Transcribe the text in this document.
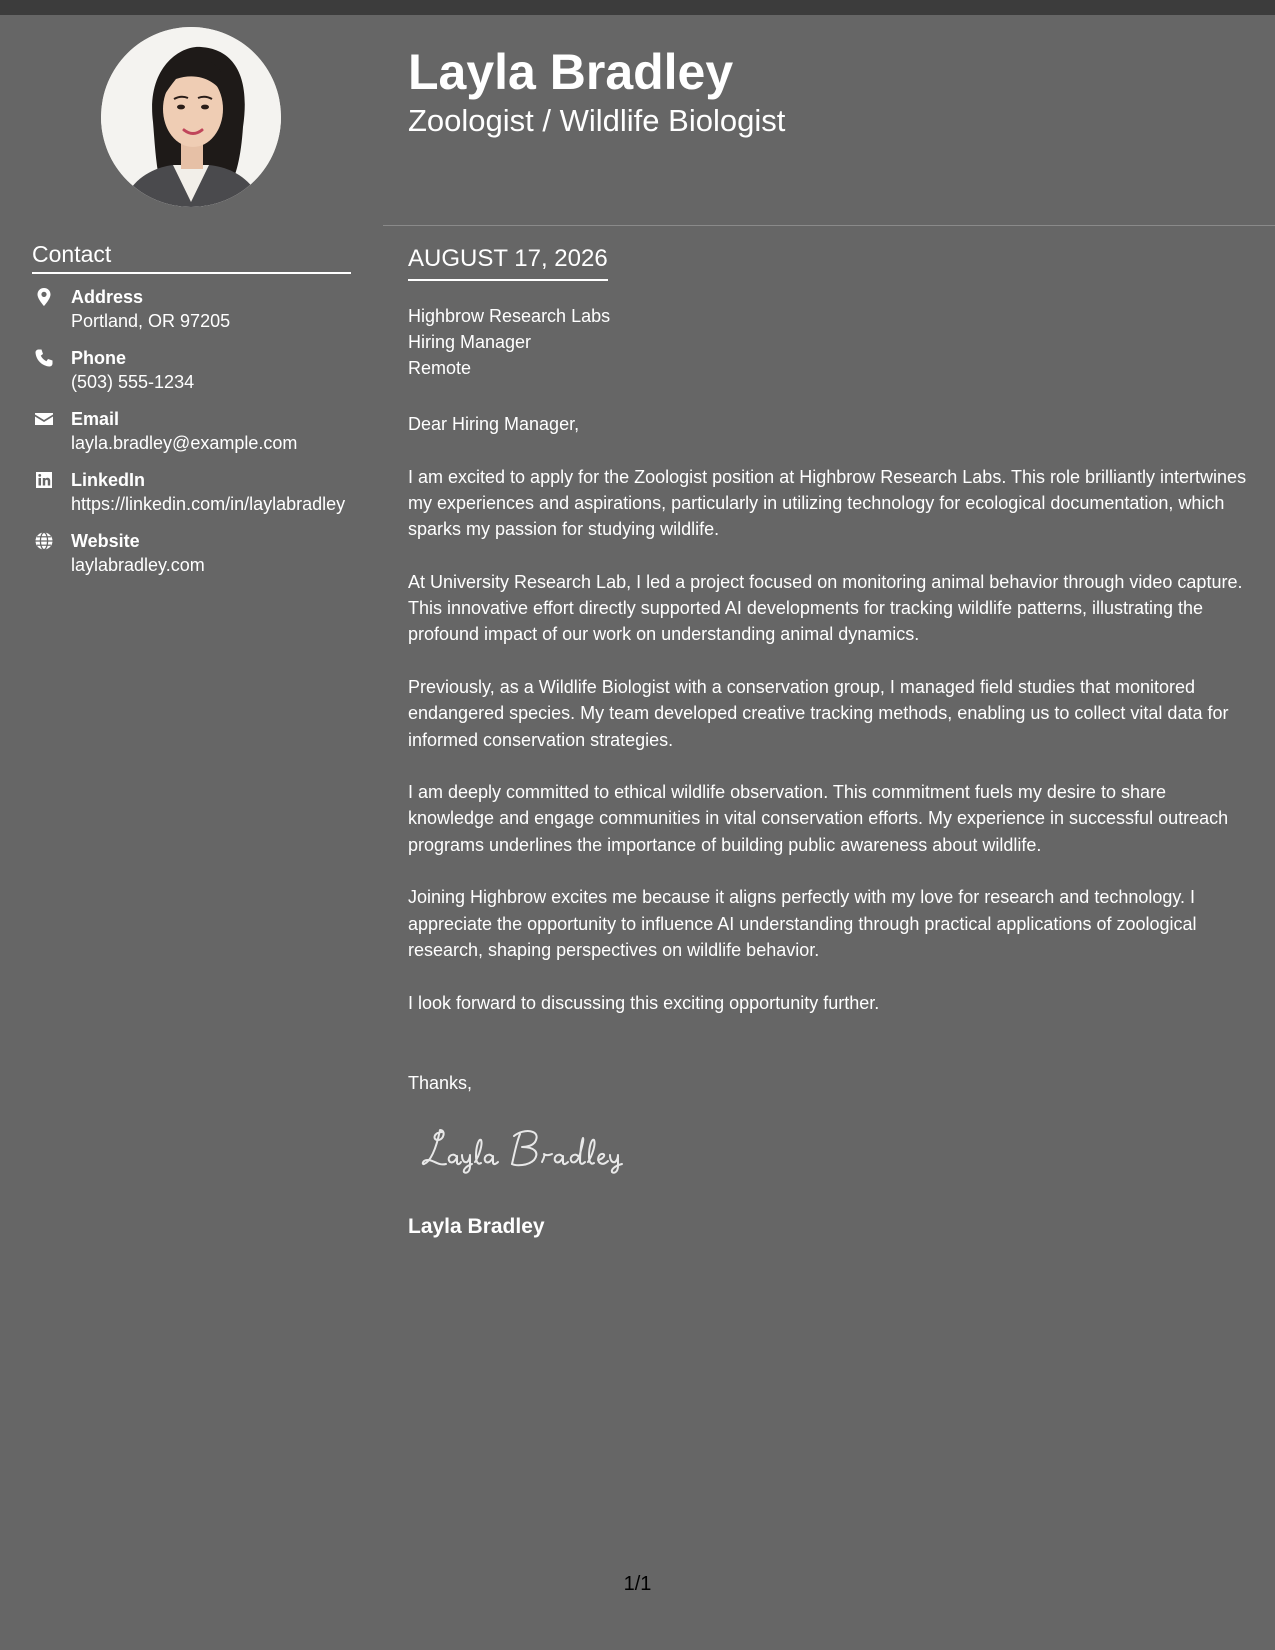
Layla Bradley
Zoologist / Wildlife Biologist
Contact
Address
Portland, OR 97205
Phone
(503) 555-1234
Email
layla.bradley@example.com
LinkedIn
https://linkedin.com/in/laylabradley
Website
laylabradley.com
AUGUST 17, 2026
Highbrow Research Labs
Hiring Manager
Remote

Dear Hiring Manager,

I am excited to apply for the Zoologist position at Highbrow Research Labs. This role brilliantly intertwines my experiences and aspirations, particularly in utilizing technology for ecological documentation, which sparks my passion for studying wildlife.

At University Research Lab, I led a project focused on monitoring animal behavior through video capture. This innovative effort directly supported AI developments for tracking wildlife patterns, illustrating the profound impact of our work on understanding animal dynamics.

Previously, as a Wildlife Biologist with a conservation group, I managed field studies that monitored endangered species. My team developed creative tracking methods, enabling us to collect vital data for informed conservation strategies.

I am deeply committed to ethical wildlife observation. This commitment fuels my desire to share knowledge and engage communities in vital conservation efforts. My experience in successful outreach programs underlines the importance of building public awareness about wildlife.

Joining Highbrow excites me because it aligns perfectly with my love for research and technology. I appreciate the opportunity to influence AI understanding through practical applications of zoological research, shaping perspectives on wildlife behavior.

I look forward to discussing this exciting opportunity further.

Thanks,
Layla Bradley
1/1
